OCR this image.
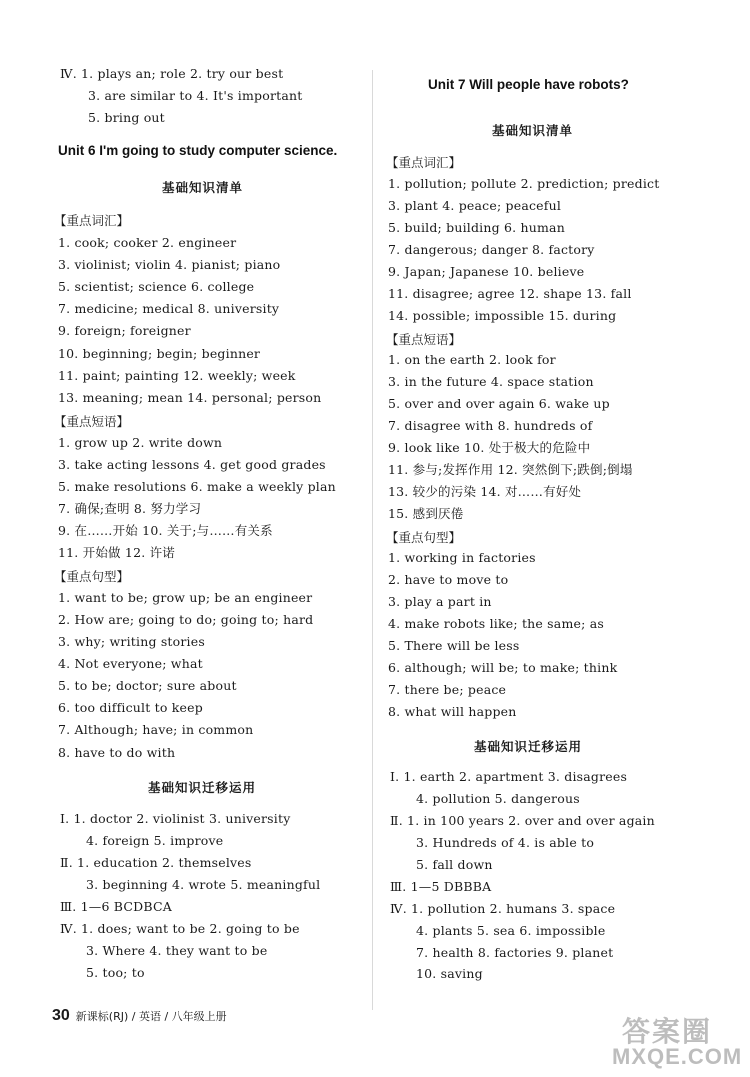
Ⅳ. 1. plays an; role 2. try our best
3. are similar to 4. It's important
5. bring out
Unit 6 I'm going to study computer science.
基础知识清单
【重点词汇】
1. cook; cooker 2. engineer
3. violinist; violin 4. pianist; piano
5. scientist; science 6. college
7. medicine; medical 8. university
9. foreign; foreigner
10. beginning; begin; beginner
11. paint; painting 12. weekly; week
13. meaning; mean 14. personal; person
【重点短语】
1. grow up 2. write down
3. take acting lessons 4. get good grades
5. make resolutions 6. make a weekly plan
7. 确保;查明 8. 努力学习
9. 在……开始 10. 关于;与……有关系
11. 开始做 12. 许诺
【重点句型】
1. want to be; grow up; be an engineer
2. How are; going to do; going to; hard
3. why; writing stories
4. Not everyone; what
5. to be; doctor; sure about
6. too difficult to keep
7. Although; have; in common
8. have to do with
基础知识迁移运用
Ⅰ. 1. doctor 2. violinist 3. university
4. foreign 5. improve
Ⅱ. 1. education 2. themselves
3. beginning 4. wrote 5. meaningful
Ⅲ. 1—6 BCDBCA
Ⅳ. 1. does; want to be 2. going to be
3. Where 4. they want to be
5. too; to
Unit 7 Will people have robots?
基础知识清单
【重点词汇】
1. pollution; pollute 2. prediction; predict
3. plant 4. peace; peaceful
5. build; building 6. human
7. dangerous; danger 8. factory
9. Japan; Japanese 10. believe
11. disagree; agree 12. shape 13. fall
14. possible; impossible 15. during
【重点短语】
1. on the earth 2. look for
3. in the future 4. space station
5. over and over again 6. wake up
7. disagree with 8. hundreds of
9. look like 10. 处于极大的危险中
11. 参与;发挥作用 12. 突然倒下;跌倒;倒塌
13. 较少的污染 14. 对……有好处
15. 感到厌倦
【重点句型】
1. working in factories
2. have to move to
3. play a part in
4. make robots like; the same; as
5. There will be less
6. although; will be; to make; think
7. there be; peace
8. what will happen
基础知识迁移运用
Ⅰ. 1. earth 2. apartment 3. disagrees
4. pollution 5. dangerous
Ⅱ. 1. in 100 years 2. over and over again
3. Hundreds of 4. is able to
5. fall down
Ⅲ. 1—5 DBBBA
Ⅳ. 1. pollution 2. humans 3. space
4. plants 5. sea 6. impossible
7. health 8. factories 9. planet
10. saving
30 新课标(RJ) / 英语 / 八年级上册	答案圈
MXQE.COM
